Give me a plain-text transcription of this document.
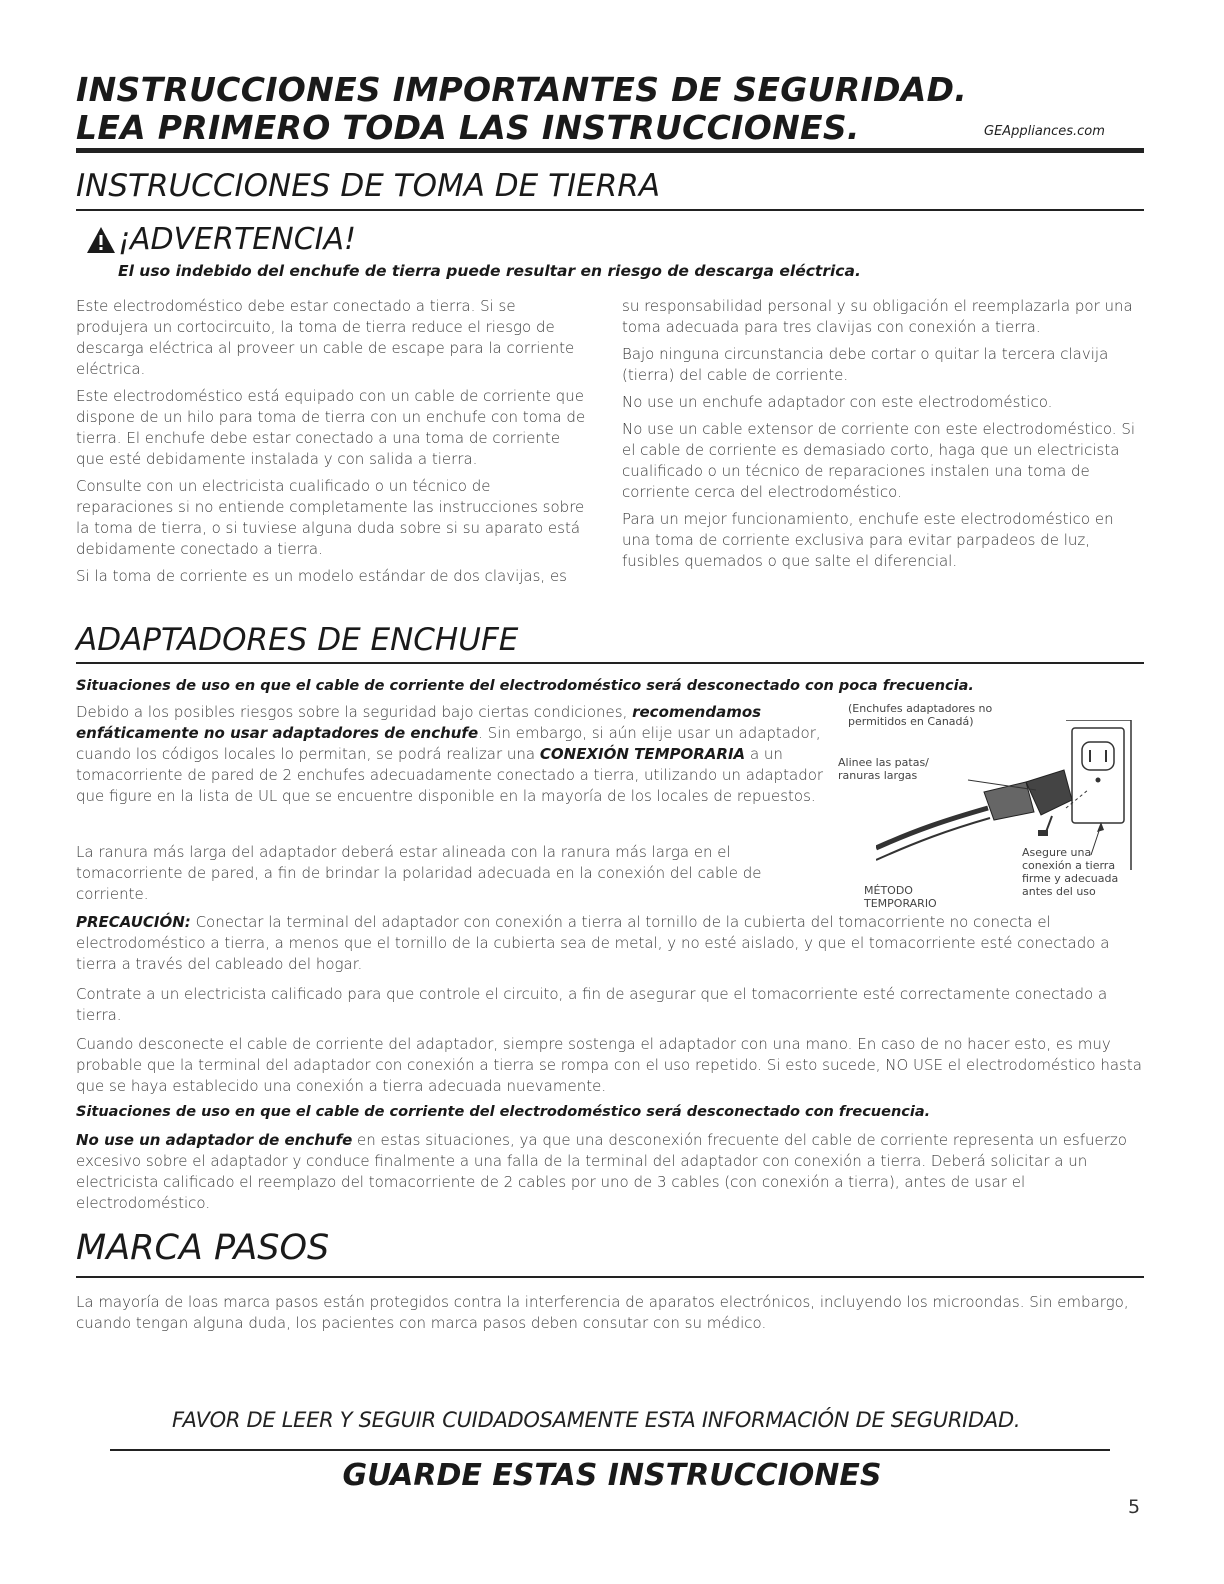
INSTRUCCIONES IMPORTANTES DE SEGURIDAD.
LEA PRIMERO TODA LAS INSTRUCCIONES.	GEAppliances.com
INSTRUCCIONES DE TOMA DE TIERRA
¡ADVERTENCIA!
El uso indebido del enchufe de tierra puede resultar en riesgo de descarga eléctrica.

Este electrodoméstico debe estar conectado a tierra. Si se produjera un cortocircuito, la toma de tierra reduce el riesgo de descarga eléctrica al proveer un cable de escape para la corriente eléctrica.

Este electrodoméstico está equipado con un cable de corriente que dispone de un hilo para toma de tierra con un enchufe con toma de tierra. El enchufe debe estar conectado a una toma de corriente que esté debidamente instalada y con salida a tierra.

Consulte con un electricista cualificado o un técnico de reparaciones si no entiende completamente las instrucciones sobre la toma de tierra, o si tuviese alguna duda sobre si su aparato está debidamente conectado a tierra.

Si la toma de corriente es un modelo estándar de dos clavijas, es

su responsabilidad personal y su obligación el reemplazarla por una toma adecuada para tres clavijas con conexión a tierra.

Bajo ninguna circunstancia debe cortar o quitar la tercera clavija (tierra) del cable de corriente.

No use un enchufe adaptador con este electrodoméstico.

No use un cable extensor de corriente con este electrodoméstico. Si el cable de corriente es demasiado corto, haga que un electricista cualificado o un técnico de reparaciones instalen una toma de corriente cerca del electrodoméstico.

Para un mejor funcionamiento, enchufe este electrodoméstico en una toma de corriente exclusiva para evitar parpadeos de luz, fusibles quemados o que salte el diferencial.

ADAPTADORES DE ENCHUFE
Situaciones de uso en que el cable de corriente del electrodoméstico será desconectado con poca frecuencia.
Debido a los posibles riesgos sobre la seguridad bajo ciertas condiciones, recomendamos enfáticamente no usar adaptadores de enchufe. Sin embargo, si aún elije usar un adaptador, cuando los códigos locales lo permitan, se podrá realizar una CONEXIÓN TEMPORARIA a un tomacorriente de pared de 2 enchufes adecuadamente conectado a tierra, utilizando un adaptador que figure en la lista de UL que se encuentre disponible en la mayoría de los locales de repuestos.
La ranura más larga del adaptador deberá estar alineada con la ranura más larga en el tomacorriente de pared, a fin de brindar la polaridad adecuada en la conexión del cable de corriente.
(Enchufes adaptadores no permitidos en Canadá)
Alinee las patas/ ranuras largas
Asegure una conexión a tierra firme y adecuada antes del uso
MÉTODO TEMPORARIO
PRECAUCIÓN: Conectar la terminal del adaptador con conexión a tierra al tornillo de la cubierta del tomacorriente no conecta el electrodoméstico a tierra, a menos que el tornillo de la cubierta sea de metal, y no esté aislado, y que el tomacorriente esté conectado a tierra a través del cableado del hogar.
Contrate a un electricista calificado para que controle el circuito, a fin de asegurar que el tomacorriente esté correctamente conectado a tierra.
Cuando desconecte el cable de corriente del adaptador, siempre sostenga el adaptador con una mano. En caso de no hacer esto, es muy probable que la terminal del adaptador con conexión a tierra se rompa con el uso repetido. Si esto sucede, NO USE el electrodoméstico hasta que se haya establecido una conexión a tierra adecuada nuevamente.
Situaciones de uso en que el cable de corriente del electrodoméstico será desconectado con frecuencia.
No use un adaptador de enchufe en estas situaciones, ya que una desconexión frecuente del cable de corriente representa un esfuerzo excesivo sobre el adaptador y conduce finalmente a una falla de la terminal del adaptador con conexión a tierra. Deberá solicitar a un electricista calificado el reemplazo del tomacorriente de 2 cables por uno de 3 cables (con conexión a tierra), antes de usar el electrodoméstico.
MARCA PASOS
La mayoría de loas marca pasos están protegidos contra la interferencia de aparatos electrónicos, incluyendo los microondas. Sin embargo, cuando tengan alguna duda, los pacientes con marca pasos deben consutar con su médico.
FAVOR DE LEER Y SEGUIR CUIDADOSAMENTE ESTA INFORMACIÓN DE SEGURIDAD.
GUARDE ESTAS INSTRUCCIONES
5
